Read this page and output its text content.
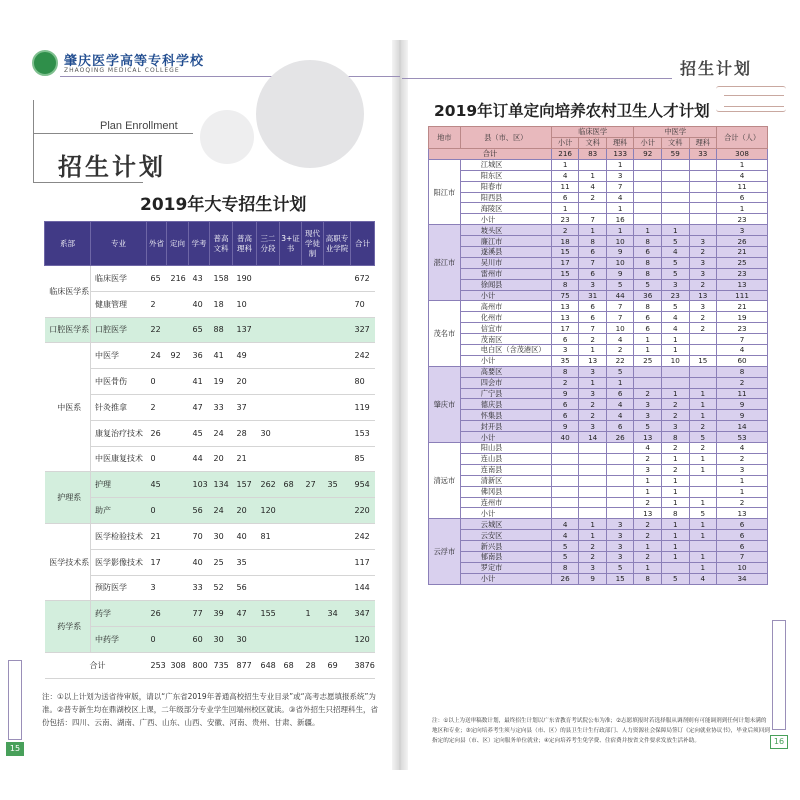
肇庆医学高等专科学校
ZHAOQING MEDICAL COLLEGE
Plan Enrollment
招生计划
2019年大专招生计划
系部	专业	外省	定向	学考	普高文科	普高理科	三二分段	3+证书	现代学徒制	高职专业学院	合计
临床医学系	临床医学	65	216	43	158	190					672
	健康管理	2		40	18	10					70
口腔医学系	口腔医学	22		65	88	137					327
中医系	中医学	24	92	36	41	49					242
	中医骨伤	0		41	19	20					80
	针灸推拿	2		47	33	37					119
	康复治疗技术	26		45	24	28	30				153
	中医康复技术	0		44	20	21					85
护理系	护理	45		103	134	157	262	68	27	35	954
	助产	0		56	24	20	120				220
医学技术系	医学检验技术	21		70	30	40	81				242
	医学影像技术	17		40	25	35					117
	预防医学	3		33	52	56					144
药学系	药学	26		77	39	47	155		1	34	347
	中药学	0		60	30	30					120
合计		253	308	800	735	877	648	68	28	69	3876
注：①以上计划为送省待审版，请以“广东省2019年普通高校招生专业目录”或“高考志愿填报系统”为准。②普专新生均在鼎湖校区上课，二年级部分专业学生回端州校区就读。③省外招生只招理科生，省份包括：四川、云南、湖南、广西、山东、山西、安徽、河南、贵州、甘肃、新疆。
15
招生计划
2019年订单定向培养农村卫生人才计划
地市	县（市、区）	临床医学			中医学			合计（人）
		小计	文科	理科	小计	文科	理科	
合计		216	83	133	92	59	33	308
阳江市	江城区	1		1				1
	阳东区	4	1	3				4
	阳春市	11	4	7				11
	阳西县	6	2	4				6
	海陵区	1		1				1
	小计	23	7	16				23
湛江市	坡头区	2	1	1	1	1		3
	廉江市	18	8	10	8	5	3	26
	遂溪县	15	6	9	6	4	2	21
	吴川市	17	7	10	8	5	3	25
	雷州市	15	6	9	8	5	3	23
	徐闻县	8	3	5	5	3	2	13
	小计	75	31	44	36	23	13	111
茂名市	高州市	13	6	7	8	5	3	21
	化州市	13	6	7	6	4	2	19
	信宜市	17	7	10	6	4	2	23
	茂南区	6	2	4	1	1		7
	电白区（含茂港区）	3	1	2	1	1		4
	小计	35	13	22	25	10	15	60
肇庆市	高要区	8	3	5				8
	四会市	2	1	1				2
	广宁县	9	3	6	2	1	1	11
	德庆县	6	2	4	3	2	1	9
	怀集县	6	2	4	3	2	1	9
	封开县	9	3	6	5	3	2	14
	小计	40	14	26	13	8	5	53
清远市	阳山县				4	2	2	4
	连山县				2	1	1	2
	连南县				3	2	1	3
	清新区				1	1		1
	佛冈县				1	1		1
	连州市				2	1	1	2
	小计				13	8	5	13
云浮市	云城区	4	1	3	2	1	1	6
	云安区	4	1	3	2	1	1	6
	新兴县	5	2	3	1	1		6
	郁南县	5	2	3	2	1	1	7
	罗定市	8	3	5	1		1	10
	小计	26	9	15	8	5	4	34
注：①以上为送审稿数计划，最终招生计划以广东省教育考试院公布为准；②志愿填报时若选择服从调剂则有可能调剂到任何计划未满的地区和专业；③定向培养考生须与定向县（市、区）的县卫生计生行政部门、人力资源社会保障局签订《定向就业协议书》，毕业后须回到指定的定向县（市、区）定向服务单位就业；④定向培养考生免学费、住宿费并按省文件要求发放生活补助。	16
